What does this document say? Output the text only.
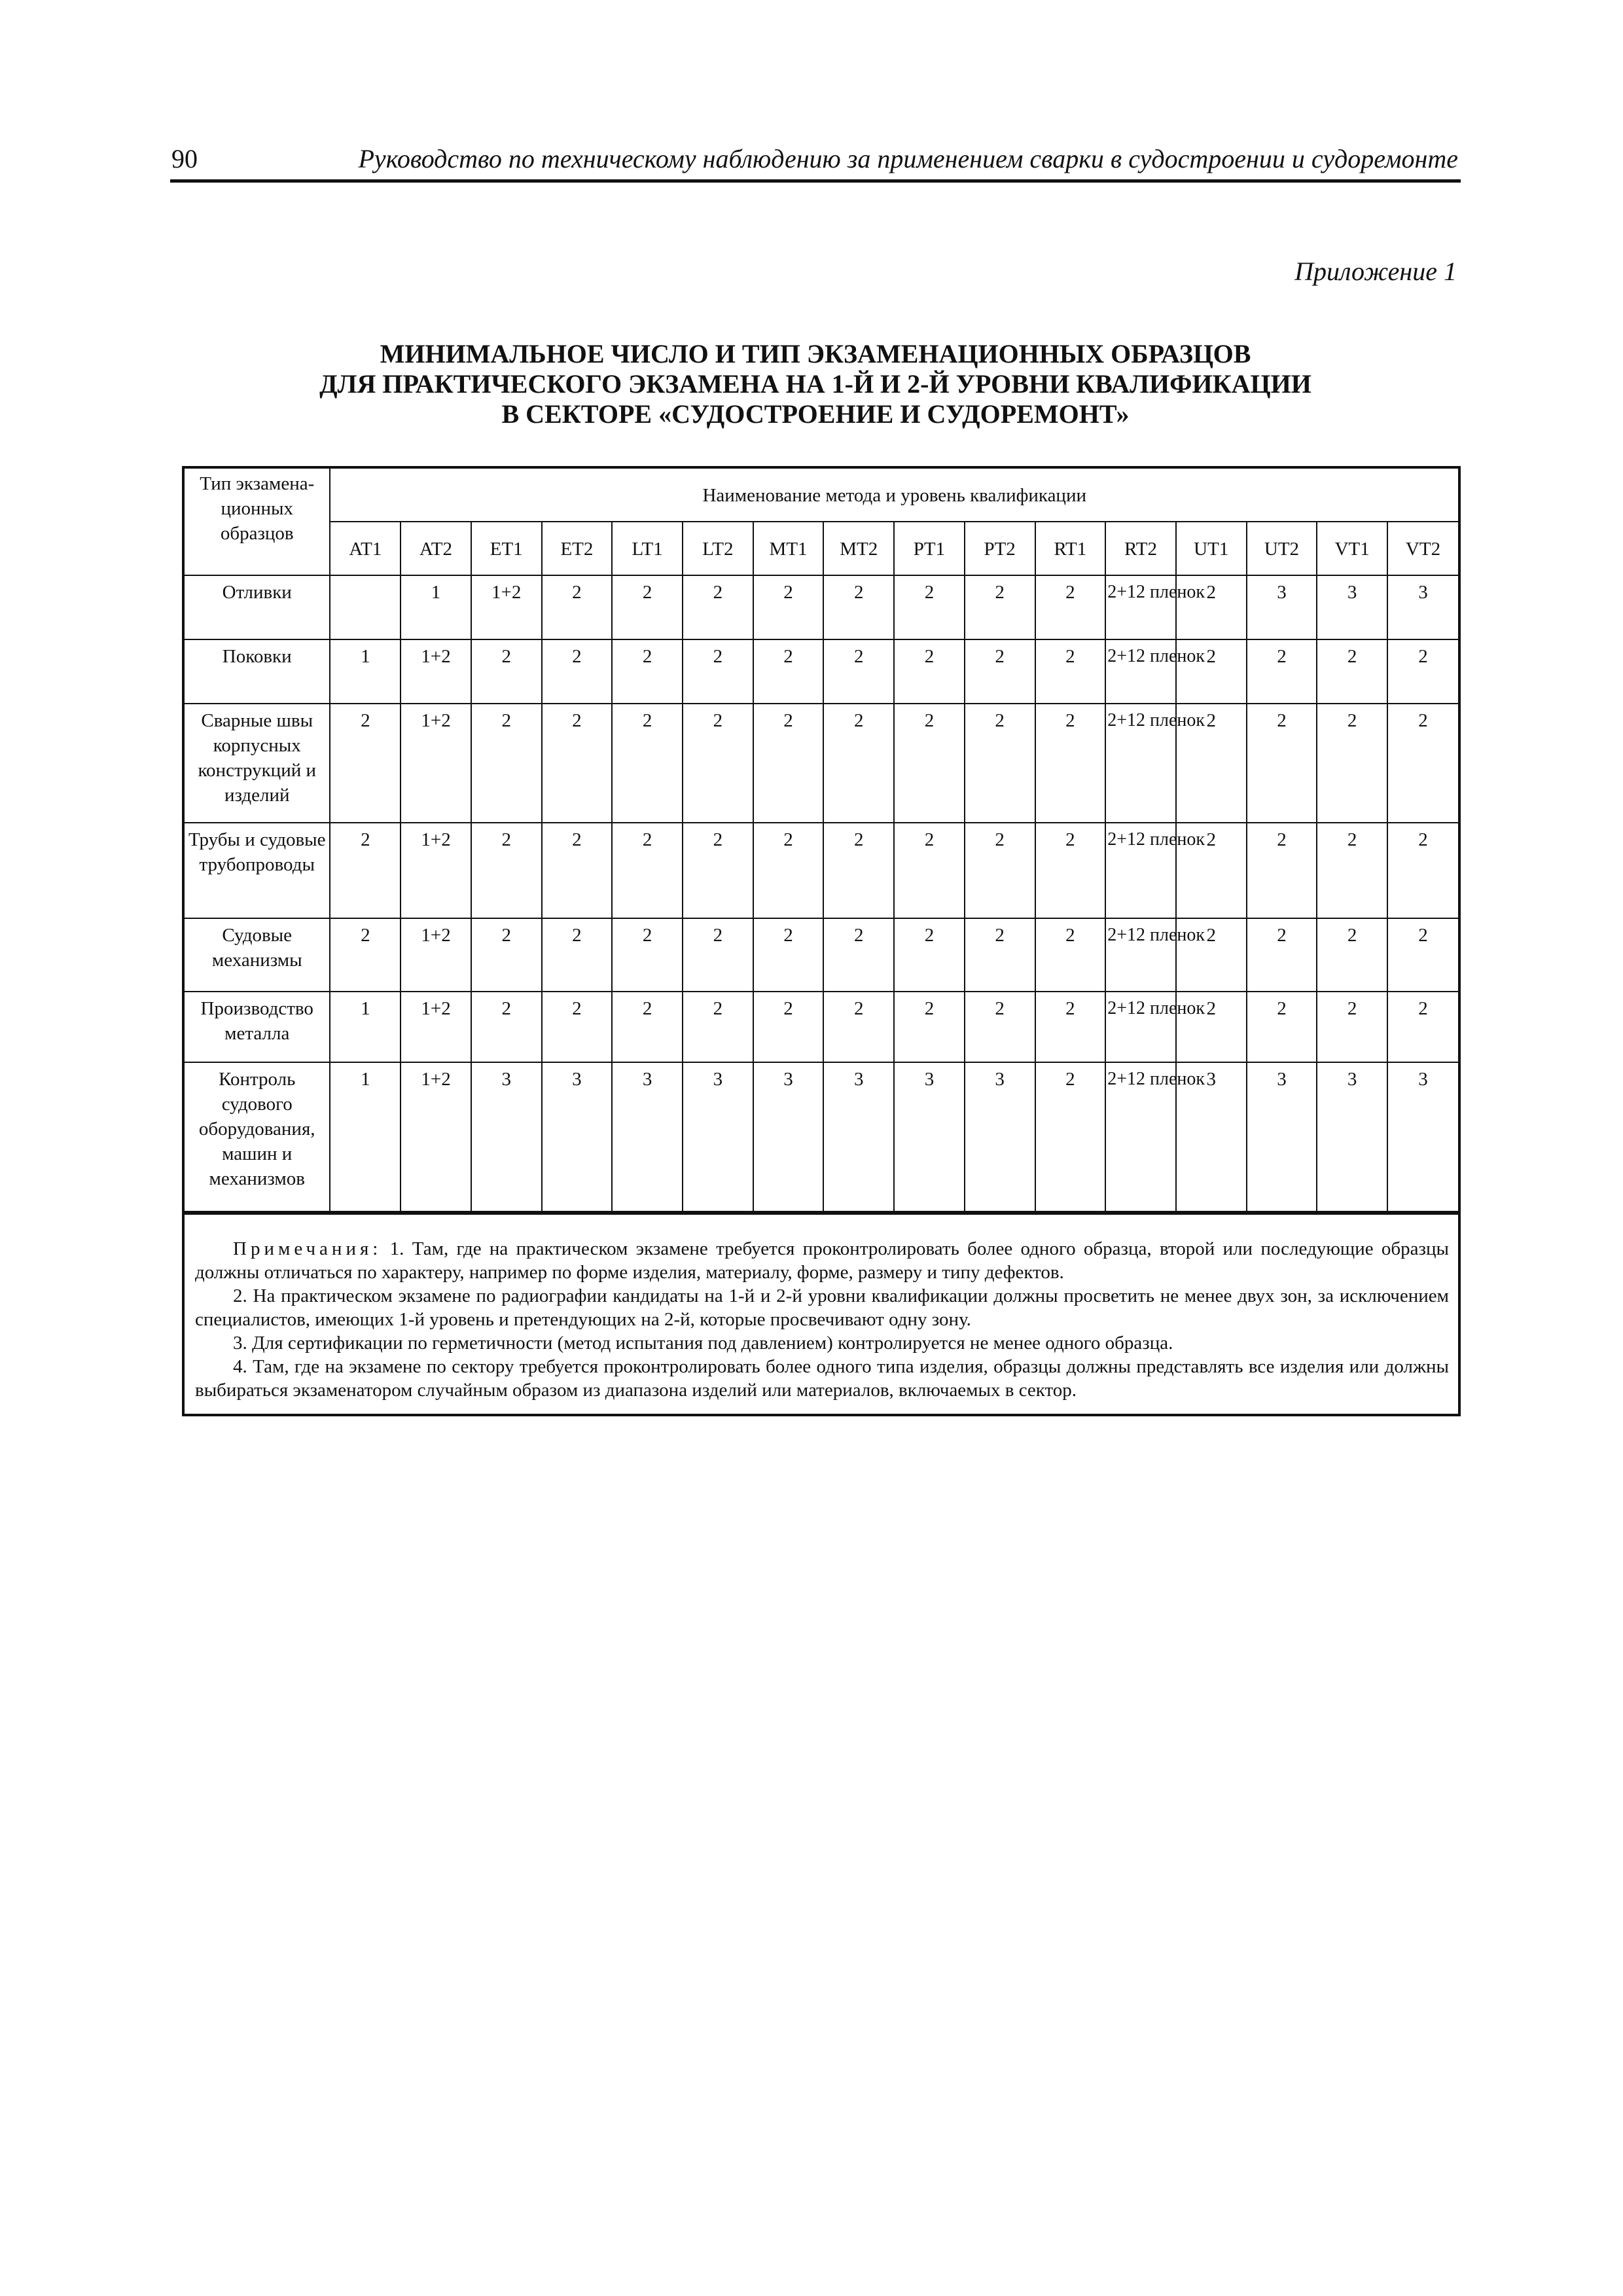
90	Руководство по техническому наблюдению за применением сварки в судостроении и судоремонте
Приложение 1
МИНИМАЛЬНОЕ ЧИСЛО И ТИП ЭКЗАМЕНАЦИОННЫХ ОБРАЗЦОВ
ДЛЯ ПРАКТИЧЕСКОГО ЭКЗАМЕНА НА 1-Й И 2-Й УРОВНИ КВАЛИФИКАЦИИ
В СЕКТОРЕ «СУДОСТРОЕНИЕ И СУДОРЕМОНТ»
Тип экзамена-ционных образцов	Наименование метода и уровень квалификации															
	AT1	AT2	ET1	ET2	LT1	LT2	MT1	MT2	PT1	PT2	RT1	RT2	UT1	UT2	VT1	VT2
Отливки		1	1+2	2	2	2	2	2	2	2	2	2+12 пленок	2	3	3	3
Поковки	1	1+2	2	2	2	2	2	2	2	2	2	2+12 пленок	2	2	2	2
Сварные швы корпусных конструкций и изделий	2	1+2	2	2	2	2	2	2	2	2	2	2+12 пленок	2	2	2	2
Трубы и судовые трубопроводы	2	1+2	2	2	2	2	2	2	2	2	2	2+12 пленок	2	2	2	2
Судовые механизмы	2	1+2	2	2	2	2	2	2	2	2	2	2+12 пленок	2	2	2	2
Производство металла	1	1+2	2	2	2	2	2	2	2	2	2	2+12 пленок	2	2	2	2
Контроль судового оборудования, машин и механизмов	1	1+2	3	3	3	3	3	3	3	3	2	2+12 пленок	3	3	3	3

Примечания: 1. Там, где на практическом экзамене требуется проконтролировать более одного образца, второй или последующие образцы должны отличаться по характеру, например по форме изделия, материалу, форме, размеру и типу дефектов.

2. На практическом экзамене по радиографии кандидаты на 1-й и 2-й уровни квалификации должны просветить не менее двух зон, за исключением специалистов, имеющих 1-й уровень и претендующих на 2-й, которые просвечивают одну зону.

3. Для сертификации по герметичности (метод испытания под давлением) контролируется не менее одного образца.

4. Там, где на экзамене по сектору требуется проконтролировать более одного типа изделия, образцы должны представлять все изделия или должны выбираться экзаменатором случайным образом из диапазона изделий или материалов, включаемых в сектор.
